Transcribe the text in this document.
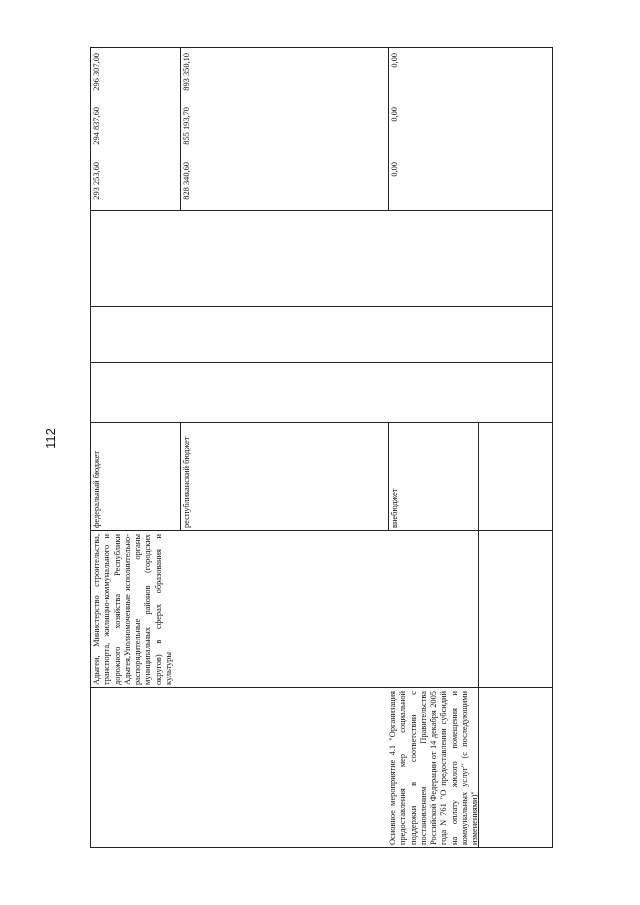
112
Адыгеи, Министерство строительства, транспорта, жилищно-коммунального и дорожного хозяйства Республики Адыгея,Уполномоченные исполнительно-распорядительные органы муниципальных районов (городских округов) в сферах образования и культуры
федеральный бюджет
293 253,60
294 837,60
296 307,00
республиканский бюджет
828 340,60
855 193,70
893 350,10
внебюджет
0,00
0,00
0,00
Основное мероприятие 4.1 "Организация предоставления мер социальной поддержки в соответствии с постановлением Правительства Российской Федерации от 14 декабря 2005 года N 761 "О предоставлении субсидий на оплату жилого помещения и коммунальных услуг" (с последующими изменениями)"
